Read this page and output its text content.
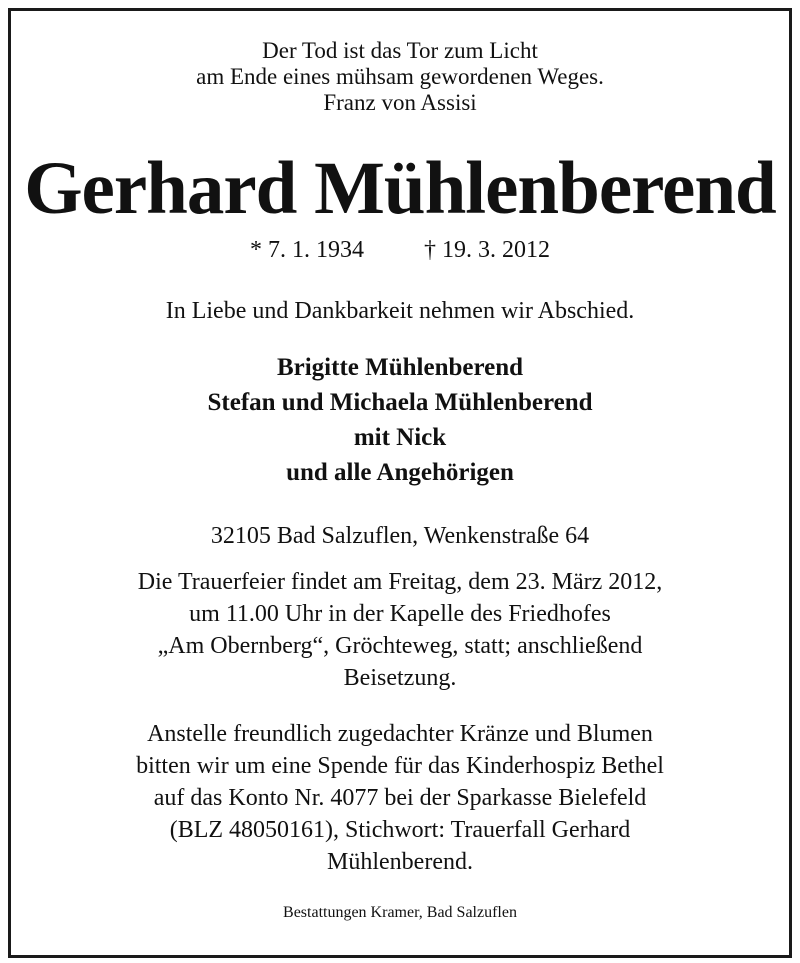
Der Tod ist das Tor zum Licht
am Ende eines mühsam gewordenen Weges.
Franz von Assisi
Gerhard Mühlenberend
* 7. 1. 1934	† 19. 3. 2012
In Liebe und Dankbarkeit nehmen wir Abschied.
Brigitte Mühlenberend
Stefan und Michaela Mühlenberend
mit Nick
und alle Angehörigen
32105 Bad Salzuflen, Wenkenstraße 64
Die Trauerfeier findet am Freitag, dem 23. März 2012,
um 11.00 Uhr in der Kapelle des Friedhofes
„Am Obernberg“, Gröchteweg, statt; anschließend
Beisetzung.
Anstelle freundlich zugedachter Kränze und Blumen
bitten wir um eine Spende für das Kinderhospiz Bethel
auf das Konto Nr. 4077 bei der Sparkasse Bielefeld
(BLZ 48050161), Stichwort: Trauerfall Gerhard
Mühlenberend.
Bestattungen Kramer, Bad Salzuflen
